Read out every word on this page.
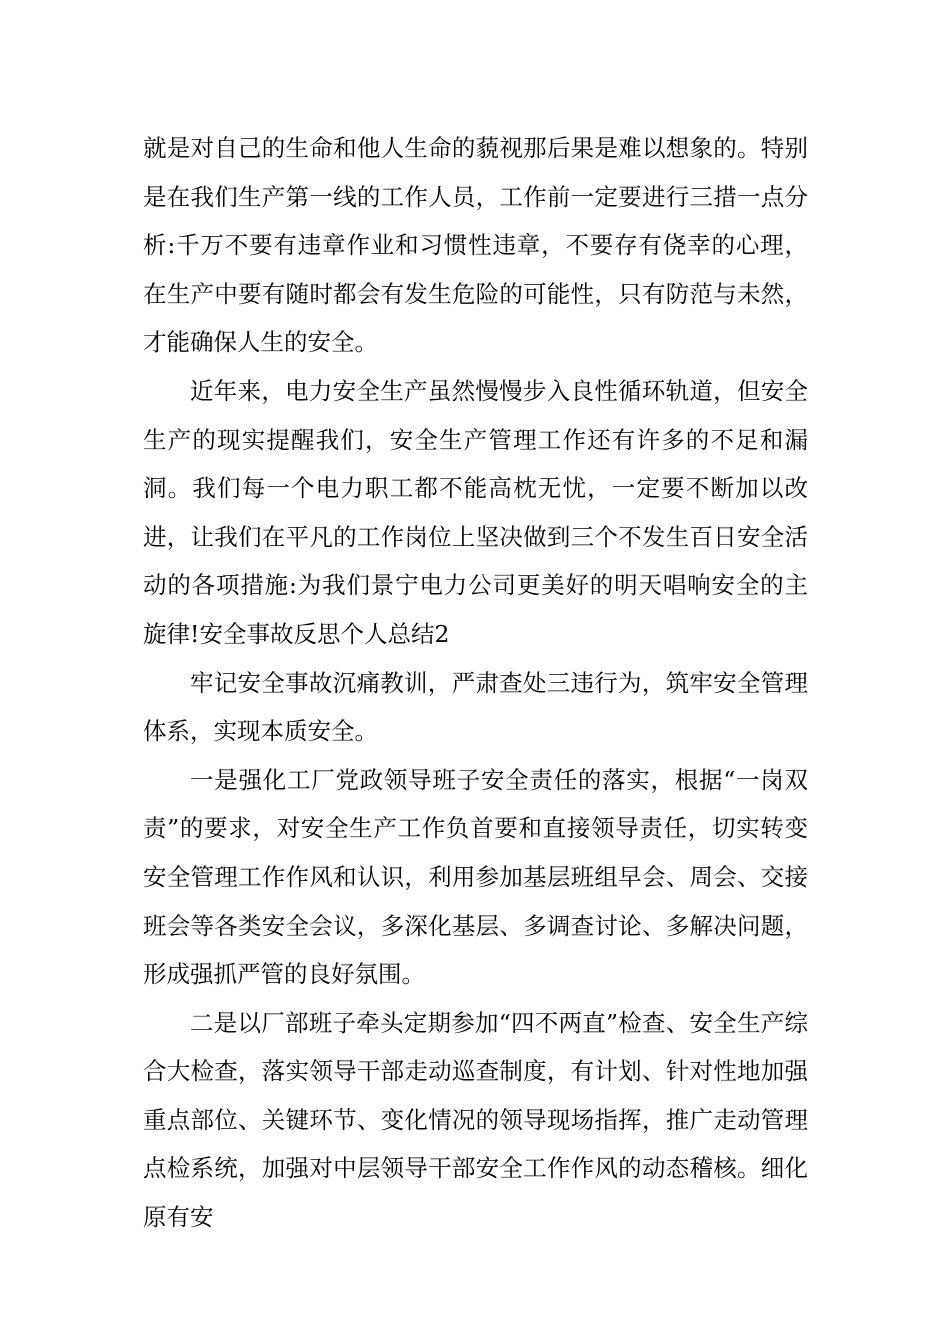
就是对自己的生命和他人生命的藐视那后果是难以想象的。特别是在我们生产第一线的工作人员，工作前一定要进行三措一点分析:千万不要有违章作业和习惯性违章，不要存有侥幸的心理，在生产中要有随时都会有发生危险的可能性，只有防范与未然，才能确保人生的安全。

近年来，电力安全生产虽然慢慢步入良性循环轨道，但安全生产的现实提醒我们，安全生产管理工作还有许多的不足和漏洞。我们每一个电力职工都不能高枕无忧，一定要不断加以改进，让我们在平凡的工作岗位上坚决做到三个不发生百日安全活动的各项措施:为我们景宁电力公司更美好的明天唱响安全的主旋律!安全事故反思个人总结2

牢记安全事故沉痛教训，严肃查处三违行为，筑牢安全管理体系，实现本质安全。

一是强化工厂党政领导班子安全责任的落实，根据“一岗双责”的要求，对安全生产工作负首要和直接领导责任，切实转变安全管理工作作风和认识，利用参加基层班组早会、周会、交接班会等各类安全会议，多深化基层、多调查讨论、多解决问题，形成强抓严管的良好氛围。

二是以厂部班子牵头定期参加“四不两直”检查、安全生产综合大检查，落实领导干部走动巡查制度，有计划、针对性地加强重点部位、关键环节、变化情况的领导现场指挥，推广走动管理点检系统，加强对中层领导干部安全工作作风的动态稽核。细化原有安
